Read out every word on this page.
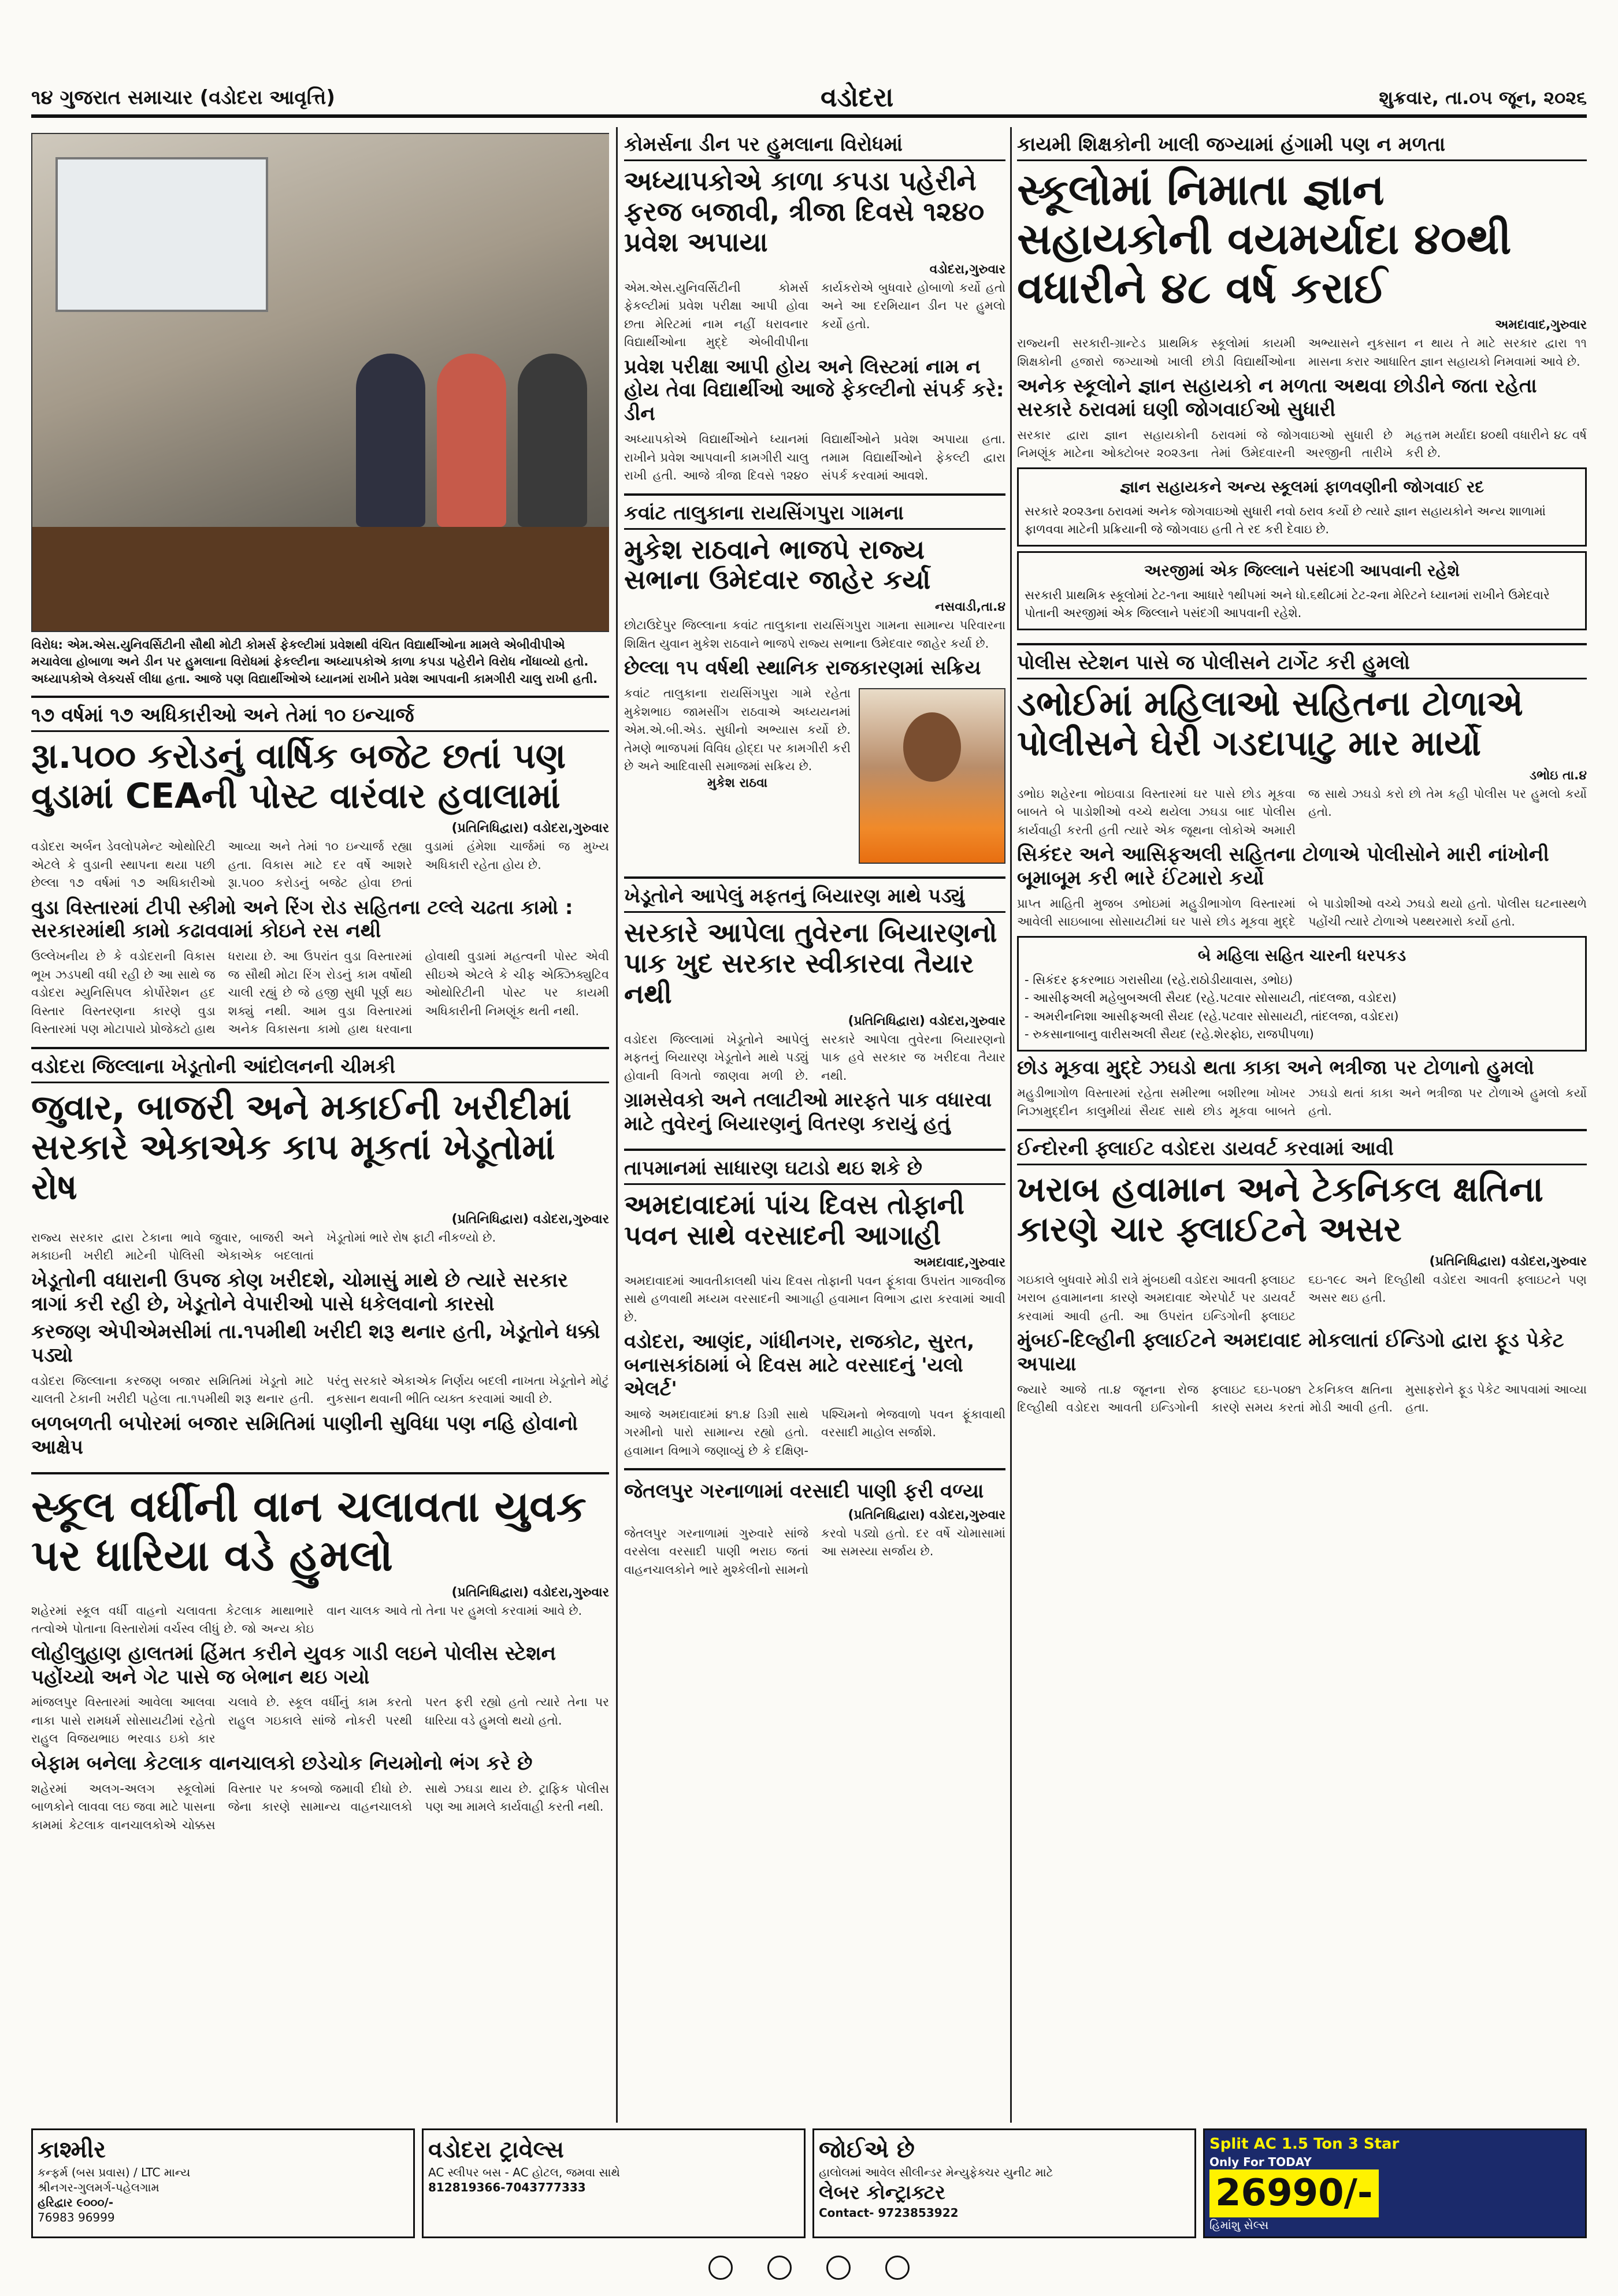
૧૪ ગુજરાત સમાચાર (વડોદરા આવૃત્તિ)	વડોદરા	શુક્રવાર, તા.૦૫ જૂન, ૨૦૨૬
વિરોધ: એમ.એસ.યુનિવર્સિટીની સૌથી મોટી કોમર્સ ફેકલ્ટીમાં પ્રવેશથી વંચિત વિદ્યાર્થીઓના મામલે એબીવીપીએ મચાવેલા હોબાળા અને ડીન પર હુમલાના વિરોધમાં ફેકલ્ટીના અધ્યાપકોએ કાળા કપડા પહેરીને વિરોધ નોંધાવ્યો હતો. અધ્યાપકોએ લેક્ચર્સ લીધા હતા. આજે પણ વિદ્યાર્થીઓએ ધ્યાનમાં રાખીને પ્રવેશ આપવાની કામગીરી ચાલુ રાખી હતી.
૧૭ વર્ષમાં ૧૭ અધિકારીઓ અને તેમાં ૧૦ ઇન્ચાર્જ
રૂા.૫૦૦ કરોડનું વાર્ષિક બજેટ છતાં પણ વુડામાં CEAની પોસ્ટ વારંવાર હવાલામાં
(પ્રતિનિધિદ્વારા) વડોદરા,ગુરુવાર
વડોદરા અર્બન ડેવલોપમેન્ટ ઓથોરિટી એટલે કે વુડાની સ્થાપના થયા પછી છેલ્લા ૧૭ વર્ષમાં ૧૭ અધિકારીઓ આવ્યા અને તેમાં ૧૦ ઇન્ચાર્જ રહ્યા હતા. વિકાસ માટે દર વર્ષે આશરે રૂા.૫૦૦ કરોડનું બજેટ હોવા છતાં વુડામાં હંમેશા ચાર્જમાં જ મુખ્ય અધિકારી રહેતા હોય છે.
વુડા વિસ્તારમાં ટીપી સ્કીમો અને રિંગ રોડ સહિતના ટલ્લે ચઢતા કામો : સરકારમાંથી કામો કઢાવવામાં કોઇને રસ નથી
ઉલ્લેખનીય છે કે વડોદરાની વિકાસ ભૂખ ઝડપથી વધી રહી છે આ સાથે જ વડોદરા મ્યુનિસિપલ કોર્પોરેશન હદ વિસ્તાર વિસ્તરણના કારણે વુડા વિસ્તારમાં પણ મોટાપાયે પ્રોજેક્ટો હાથ ધરાયા છે. આ ઉપરાંત વુડા વિસ્તારમાં જ સૌથી મોટા રિંગ રોડનું કામ વર્ષોથી ચાલી રહ્યું છે જે હજી સુધી પૂર્ણ થઇ શક્યું નથી. આમ વુડા વિસ્તારમાં અનેક વિકાસના કામો હાથ ધરવાના હોવાથી વુડામાં મહત્વની પોસ્ટ એવી સીઇએ એટલે કે ચીફ એક્ઝિક્યુટિવ ઓથોરિટીની પોસ્ટ પર કાયમી અધિકારીની નિમણૂંક થતી નથી.
વડોદરા જિલ્લાના ખેડૂતોની આંદોલનની ચીમકી
જુવાર, બાજરી અને મકાઈની ખરીદીમાં સરકારે એકાએક કાપ મૂકતાં ખેડૂતોમાં રોષ
(પ્રતિનિધિદ્વારા) વડોદરા,ગુરુવાર
રાજ્ય સરકાર દ્વારા ટેકાના ભાવે જુવાર, બાજરી અને મકાઇની ખરીદી માટેની પોલિસી એકાએક બદલાતાં ખેડૂતોમાં ભારે રોષ ફાટી નીકળ્યો છે.
ખેડૂતોની વધારાની ઉપજ કોણ ખરીદશે, ચોમાસું માથે છે ત્યારે સરકાર ત્રાગાં કરી રહી છે, ખેડૂતોને વેપારીઓ પાસે ધકેલવાનો કારસો
કરજણ એપીએમસીમાં તા.૧૫મીથી ખરીદી શરૂ થનાર હતી, ખેડૂતોને ધક્કો પડ્યો
વડોદરા જિલ્લાના કરજણ બજાર સમિતિમાં ખેડૂતો માટે ચાલતી ટેકાની ખરીદી પહેલા તા.૧૫મીથી શરૂ થનાર હતી. પરંતુ સરકારે એકાએક નિર્ણય બદલી નાખતા ખેડૂતોને મોટું નુકસાન થવાની ભીતિ વ્યક્ત કરવામાં આવી છે.
બળબળતી બપોરમાં બજાર સમિતિમાં પાણીની સુવિધા પણ નહિ હોવાનો આક્ષેપ
સ્કૂલ વર્ધીની વાન ચલાવતા યુવક પર ધારિયા વડે હુમલો
(પ્રતિનિધિદ્વારા) વડોદરા,ગુરુવાર
શહેરમાં સ્કૂલ વર્ધી વાહનો ચલાવતા કેટલાક માથાભારે તત્વોએ પોતાના વિસ્તારોમાં વર્ચસ્વ લીધું છે. જો અન્ય કોઇ વાન ચાલક આવે તો તેના પર હુમલો કરવામાં આવે છે.
લોહીલુહાણ હાલતમાં હિંમત કરીને યુવક ગાડી લઇને પોલીસ સ્ટેશન પહોંચ્યો અને ગેટ પાસે જ બેભાન થઇ ગયો
માંજલપુર વિસ્તારમાં આવેલા આલવા નાકા પાસે રામધર્મ સોસાયટીમાં રહેતો રાહુલ વિજયભાઇ ભરવાડ ઇકો કાર ચલાવે છે. સ્કૂલ વર્ધીનું કામ કરતો રાહુલ ગઇકાલે સાંજે નોકરી પરથી પરત ફરી રહ્યો હતો ત્યારે તેના પર ધારિયા વડે હુમલો થયો હતો.
બેફામ બનેલા કેટલાક વાનચાલકો છડેચોક નિયમોનો ભંગ કરે છે
શહેરમાં અલગ-અલગ સ્કૂલોમાં બાળકોને લાવવા લઇ જવા માટે પાસના કામમાં કેટલાક વાનચાલકોએ ચોક્કસ વિસ્તાર પર કબજો જમાવી દીધો છે. જેના કારણે સામાન્ય વાહનચાલકો સાથે ઝઘડા થાય છે. ટ્રાફિક પોલીસ પણ આ મામલે કાર્યવાહી કરતી નથી.
કોમર્સના ડીન પર હુમલાના વિરોધમાં
અધ્યાપકોએ કાળા કપડા પહેરીને ફરજ બજાવી, ત્રીજા દિવસે ૧૨૪૦ પ્રવેશ અપાયા
વડોદરા,ગુરુવાર
એમ.એસ.યુનિવર્સિટીની કોમર્સ ફેકલ્ટીમાં પ્રવેશ પરીક્ષા આપી હોવા છતા મેરિટમાં નામ નહીં ધરાવનાર વિદ્યાર્થીઓના મુદ્દે એબીવીપીના કાર્યકરોએ બુધવારે હોબાળો કર્યો હતો અને આ દરમિયાન ડીન પર હુમલો કર્યો હતો.
પ્રવેશ પરીક્ષા આપી હોય અને લિસ્ટમાં નામ ન હોય તેવા વિદ્યાર્થીઓ આજે ફેકલ્ટીનો સંપર્ક કરે: ડીન
અધ્યાપકોએ વિદ્યાર્થીઓને ધ્યાનમાં રાખીને પ્રવેશ આપવાની કામગીરી ચાલુ રાખી હતી. આજે ત્રીજા દિવસે ૧૨૪૦ વિદ્યાર્થીઓને પ્રવેશ અપાયા હતા. તમામ વિદ્યાર્થીઓને ફેકલ્ટી દ્વારા સંપર્ક કરવામાં આવશે.
કવાંટ તાલુકાના રાયસિંગપુરા ગામના
મુકેશ રાઠવાને ભાજપે રાજ્ય સભાના ઉમેદવાર જાહેર કર્યા
નસવાડી,તા.૪
છોટાઉદેપુર જિલ્લાના કવાંટ તાલુકાના રાયસિંગપુરા ગામના સામાન્ય પરિવારના શિક્ષિત યુવાન મુકેશ રાઠવાને ભાજપે રાજ્ય સભાના ઉમેદવાર જાહેર કર્યા છે.
છેલ્લા ૧૫ વર્ષથી સ્થાનિક રાજકારણમાં સક્રિય
કવાંટ તાલુકાના રાયસિંગપુરા ગામે રહેતા મુકેશભાઇ જામસીંગ રાઠવાએ અધ્યયનમાં એમ.એ.બી.એડ. સુધીનો અભ્યાસ કર્યો છે. તેમણે ભાજપમાં વિવિધ હોદ્દા પર કામગીરી કરી છે અને આદિવાસી સમાજમાં સક્રિય છે.
મુકેશ રાઠવા
ખેડૂતોને આપેલું મફતનું બિયારણ માથે પડ્યું
સરકારે આપેલા તુવેરના બિયારણનો પાક ખુદ સરકાર સ્વીકારવા તૈયાર નથી
(પ્રતિનિધિદ્વારા) વડોદરા,ગુરુવાર
વડોદરા જિલ્લામાં ખેડૂતોને આપેલું મફતનું બિયારણ ખેડૂતોને માથે પડ્યું હોવાની વિગતો જાણવા મળી છે. સરકારે આપેલા તુવેરના બિયારણનો પાક હવે સરકાર જ ખરીદવા તૈયાર નથી.
ગ્રામસેવકો અને તલાટીઓ મારફતે પાક વધારવા માટે તુવેરનું બિયારણનું વિતરણ કરાયું હતું
તાપમાનમાં સાધારણ ઘટાડો થઇ શકે છે
અમદાવાદમાં પાંચ દિવસ તોફાની પવન સાથે વરસાદની આગાહી
અમદાવાદ,ગુરુવાર
અમદાવાદમાં આવતીકાલથી પાંચ દિવસ તોફાની પવન ફૂંકાવા ઉપરાંત ગાજવીજ સાથે હળવાથી મધ્યમ વરસાદની આગાહી હવામાન વિભાગ દ્વારા કરવામાં આવી છે.
વડોદરા, આણંદ, ગાંધીનગર, રાજકોટ, સુરત, બનાસકાંઠામાં બે દિવસ માટે વરસાદનું 'યલો એલર્ટ'
આજે અમદાવાદમાં ૪૧.૪ ડિગ્રી સાથે ગરમીનો પારો સામાન્ય રહ્યો હતો. હવામાન વિભાગે જણાવ્યું છે કે દક્ષિણ-પશ્ચિમનો ભેજવાળો પવન ફૂંકાવાથી વરસાદી માહોલ સર્જાશે.
જેતલપુર ગરનાળામાં વરસાદી પાણી ફરી વળ્યા
(પ્રતિનિધિદ્વારા) વડોદરા,ગુરુવાર
જેતલપુર ગરનાળામાં ગુરુવારે સાંજે વરસેલા વરસાદી પાણી ભરાઇ જતાં વાહનચાલકોને ભારે મુશ્કેલીનો સામનો કરવો પડ્યો હતો. દર વર્ષે ચોમાસામાં આ સમસ્યા સર્જાય છે.
કાયમી શિક્ષકોની ખાલી જગ્યામાં હંગામી પણ ન મળતા
સ્કૂલોમાં નિમાતા જ્ઞાન સહાયકોની વયમર્યાદા ૪૦થી વધારીને ૪૮ વર્ષ કરાઈ
અમદાવાદ,ગુરુવાર
રાજ્યની સરકારી-ગ્રાન્ટેડ પ્રાથમિક સ્કૂલોમાં કાયમી શિક્ષકોની હજારો જગ્યાઓ ખાલી છોડી વિદ્યાર્થીઓના અભ્યાસને નુકસાન ન થાય તે માટે સરકાર દ્વારા ૧૧ માસના કરાર આધારિત જ્ઞાન સહાયકો નિમવામાં આવે છે.
અનેક સ્કૂલોને જ્ઞાન સહાયકો ન મળતા અથવા છોડીને જતા રહેતા સરકારે ઠરાવમાં ઘણી જોગવાઈઓ સુધારી
સરકાર દ્વારા જ્ઞાન સહાયકોની નિમણૂંક માટેના ઓક્ટોબર ૨૦૨૩ના ઠરાવમાં જે જોગવાઇઓ સુધારી છે તેમાં ઉમેદવારની અરજીની તારીખે મહત્તમ મર્યાદા ૪૦થી વધારીને ૪૮ વર્ષ કરી છે.
જ્ઞાન સહાયકને અન્ય સ્કૂલમાં ફાળવણીની જોગવાઈ રદ
સરકારે ૨૦૨૩ના ઠરાવમાં અનેક જોગવાઇઓ સુધારી નવો ઠરાવ કર્યો છે ત્યારે જ્ઞાન સહાયકોને અન્ય શાળામાં ફાળવવા માટેની પ્રક્રિયાની જે જોગવાઇ હતી તે રદ કરી દેવાઇ છે.
અરજીમાં એક જિલ્લાને પસંદગી આપવાની રહેશે
સરકારી પ્રાથમિક સ્કૂલોમાં ટેટ-૧ના આધારે ૧થી૫માં અને ધો.૬થી૮માં ટેટ-૨ના મેરિટને ધ્યાનમાં રાખીને ઉમેદવારે પોતાની અરજીમાં એક જિલ્લાને પસંદગી આપવાની રહેશે.
પોલીસ સ્ટેશન પાસે જ પોલીસને ટાર્ગેટ કરી હુમલો
ડભોઈમાં મહિલાઓ સહિતના ટોળાએ પોલીસને ઘેરી ગડદાપાટુ માર માર્યો
ડભોઇ તા.૪
ડભોઇ શહેરના ભોઇવાડા વિસ્તારમાં ઘર પાસે છોડ મૂકવા બાબતે બે પાડોશીઓ વચ્ચે થયેલા ઝઘડા બાદ પોલીસ કાર્યવાહી કરતી હતી ત્યારે એક જૂથના લોકોએ અમારી જ સાથે ઝઘડો કરો છો તેમ કહી પોલીસ પર હુમલો કર્યો હતો.
સિકંદર અને આસિફઅલી સહિતના ટોળાએ પોલીસોને મારી નાંખોની બૂમાબૂમ કરી ભારે ઈંટમારો કર્યો
પ્રાપ્ત માહિતી મુજબ ડભોઇમાં મહુડીભાગોળ વિસ્તારમાં આવેલી સાઇબાબા સોસાયટીમાં ઘર પાસે છોડ મૂકવા મુદ્દે બે પાડોશીઓ વચ્ચે ઝઘડો થયો હતો. પોલીસ ઘટનાસ્થળે પહોંચી ત્યારે ટોળાએ પથ્થરમારો કર્યો હતો.
બે મહિલા સહિત ચારની ધરપકડ
- સિકંદર ફકરભાઇ ગરાસીયા (રહે.રાઠોડીયાવાસ, ડભોઇ)
- આસીફઅલી મહેબુબઅલી સૈયદ (રહે.પટવાર સોસાયટી, તાંદલજા, વડોદરા)
- અમરીનનિશા આસીફઅલી સૈયદ (રહે.પટવાર સોસાયટી, તાંદલજા, વડોદરા)
- રુકસાનાબાનુ વારીસઅલી સૈયદ (રહે.શેરફોઇ, રાજપીપળા)
છોડ મૂકવા મુદ્દે ઝઘડો થતા કાકા અને ભત્રીજા પર ટોળાનો હુમલો
મહુડીભાગોળ વિસ્તારમાં રહેતા સમીરભા બશીરભા ખોખર નિઝામુદ્દીન કાલુમીયાં સૈયદ સાથે છોડ મૂકવા બાબતે ઝઘડો થતાં કાકા અને ભત્રીજા પર ટોળાએ હુમલો કર્યો હતો.
ઈન્દોરની ફ્લાઈટ વડોદરા ડાયવર્ટ કરવામાં આવી
ખરાબ હવામાન અને ટેકનિકલ ક્ષતિના કારણે ચાર ફ્લાઈટને અસર
(પ્રતિનિધિદ્વારા) વડોદરા,ગુરુવાર
ગઇકાલે બુધવારે મોડી રાત્રે મુંબઇથી વડોદરા આવતી ફ્લાઇટ ખરાબ હવામાનના કારણે અમદાવાદ એરપોર્ટ પર ડાયવર્ટ કરવામાં આવી હતી. આ ઉપરાંત ઇન્ડિગોની ફ્લાઇટ ૬ઇ-૧૯૮ અને દિલ્હીથી વડોદરા આવતી ફ્લાઇટને પણ અસર થઇ હતી.
મુંબઈ-દિલ્હીની ફ્લાઈટને અમદાવાદ મોકલાતાં ઈન્ડિગો દ્વારા ફૂડ પેકેટ અપાયા
જ્યારે આજે તા.૪ જૂનના રોજ દિલ્હીથી વડોદરા આવતી ઇન્ડિગોની ફ્લાઇટ ૬ઇ-૫૦૪૧ ટેકનિકલ ક્ષતિના કારણે સમય કરતાં મોડી આવી હતી. મુસાફરોને ફૂડ પેકેટ આપવામાં આવ્યા હતા.
કાશ્મીર
કન્ફર્મ (બસ પ્રવાસ) / LTC માન્ય
શ્રીનગર-ગુલમર્ગ-પહેલગામ
હરિદ્વાર ૯૦૦૦/-
76983 96999
વડોદરા ટ્રાવેલ્સ
AC સ્લીપર બસ - AC હોટલ, જમવા સાથે
812819366-7043777333
જોઈએ છે
હાલોલમાં આવેલ સીલીન્ડર મેન્યુફેક્ચર યુનીટ માટે
લેબર કોન્ટ્રાક્ટર
Contact- 9723853922
Split AC 1.5 Ton 3 Star
Only For TODAY
26990/-
હિમાંશુ સેલ્સ
